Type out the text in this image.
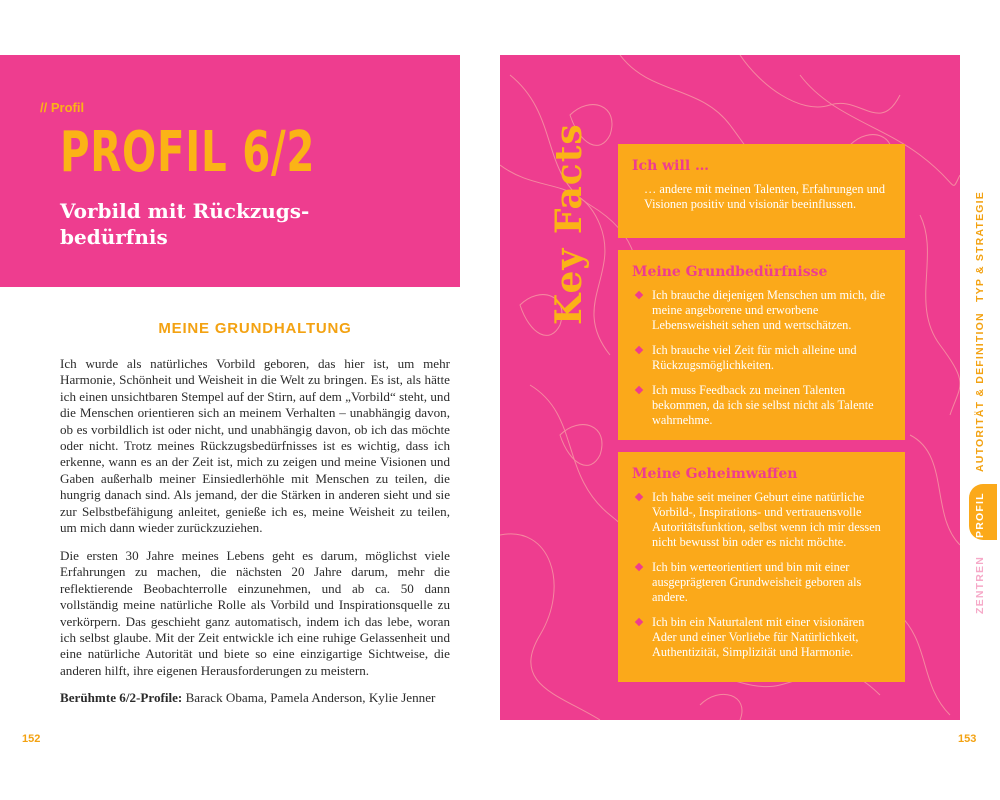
// Profil
PROFIL 6/2
Vorbild mit Rückzugs-
bedürfnis
MEINE GRUNDHALTUNG
Ich wurde als natürliches Vorbild geboren, das hier ist, um mehr Harmonie, Schönheit und Weisheit in die Welt zu bringen. Es ist, als hätte ich einen unsichtbaren Stempel auf der Stirn, auf dem „Vorbild“ steht, und die Menschen orientieren sich an meinem Verhalten – unabhängig davon, ob es vorbildlich ist oder nicht, und unabhängig davon, ob ich das möchte oder nicht. Trotz meines Rückzugsbedürfnisses ist es wichtig, dass ich erkenne, wann es an der Zeit ist, mich zu zeigen und meine Visionen und Gaben außerhalb meiner Einsiedlerhöhle mit Menschen zu teilen, die hungrig danach sind. Als jemand, der die Stärken in anderen sieht und sie zur Selbstbefähigung anleitet, genieße ich es, meine Weisheit zu teilen, um mich dann wieder zurückzuziehen.
Die ersten 30 Jahre meines Lebens geht es darum, möglichst viele Erfahrungen zu machen, die nächsten 20 Jahre darum, mehr die reflektierende Beobachterrolle einzunehmen, und ab ca. 50 dann vollständig meine natürliche Rolle als Vorbild und Inspirationsquelle zu verkörpern. Das geschieht ganz automatisch, indem ich das lebe, woran ich selbst glaube. Mit der Zeit entwickle ich eine ruhige Gelassenheit und eine natürliche Autorität und biete so eine einzigartige Sichtweise, die anderen hilft, ihre eigenen Herausforderungen zu meistern.
Berühmte 6/2-Profile: Barack Obama, Pamela Anderson, Kylie Jenner
152
Key Facts	Ich will …
… andere mit meinen Talenten, Erfahrungen und Visionen positiv und visionär beeinflussen.
Meine Grundbedürfnisse
Ich brauche diejenigen Menschen um mich, die meine angeborene und erworbene Lebensweisheit sehen und wertschätzen.
Ich brauche viel Zeit für mich alleine und Rückzugsmöglichkeiten.
Ich muss Feedback zu meinen Talenten bekommen, da ich sie selbst nicht als Talente wahrnehme.
Meine Geheimwaffen
Ich habe seit meiner Geburt eine natürliche Vorbild-, Inspirations- und vertrauensvolle Autoritätsfunktion, selbst wenn ich mir dessen nicht bewusst bin oder es nicht möchte.
Ich bin werteorientiert und bin mit einer ausgeprägteren Grundweisheit geboren als andere.
Ich bin ein Naturtalent mit einer visionären Ader und einer Vorliebe für Natürlichkeit, Authentizität, Simplizität und Harmonie.
TYP & STRATEGIE
AUTORITÄT & DEFINITION
PROFIL
ZENTREN
153
